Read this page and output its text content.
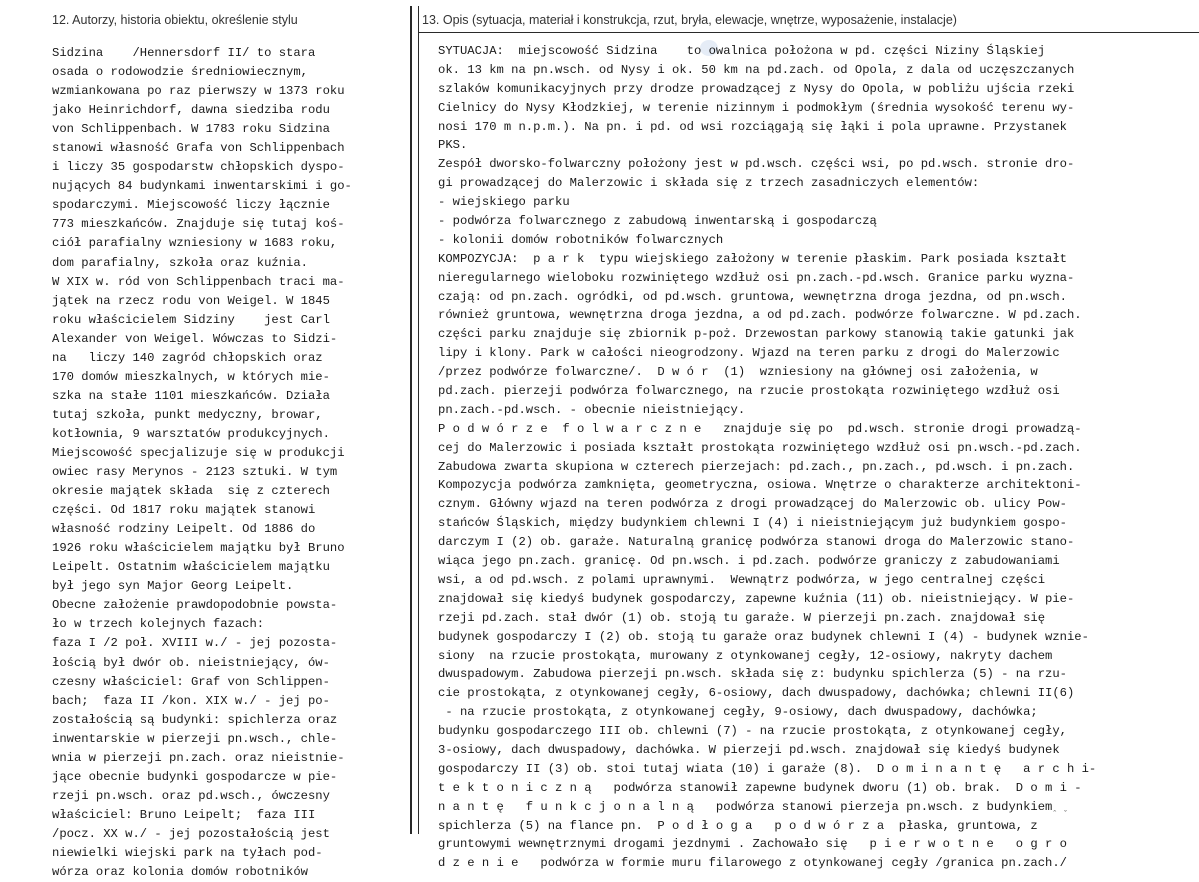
12. Autorzy, historia obiektu, określenie stylu	13. Opis (sytuacja, materiał i konstrukcja, rzut, bryła, elewacje, wnętrze, wyposażenie, instalacje)
Sidzina    /Hennersdorf II/ to stara
osada o rodowodzie średniowiecznym,
wzmiankowana po raz pierwszy w 1373 roku
jako Heinrichdorf, dawna siedziba rodu
von Schlippenbach. W 1783 roku Sidzina
stanowi własność Grafa von Schlippenbach
i liczy 35 gospodarstw chłopskich dyspo-
nujących 84 budynkami inwentarskimi i go-
spodarczymi. Miejscowość liczy łącznie
773 mieszkańców. Znajduje się tutaj koś-
ciół parafialny wzniesiony w 1683 roku,
dom parafialny, szkoła oraz kuźnia.
W XIX w. ród von Schlippenbach traci ma-
jątek na rzecz rodu von Weigel. W 1845
roku właścicielem Sidziny    jest Carl
Alexander von Weigel. Wówczas to Sidzi-
na   liczy 140 zagród chłopskich oraz
170 domów mieszkalnych, w których mie-
szka na stałe 1101 mieszkańców. Działa
tutaj szkoła, punkt medyczny, browar,
kotłownia, 9 warsztatów produkcyjnych.
Miejscowość specjalizuje się w produkcji
owiec rasy Merynos - 2123 sztuki. W tym
okresie majątek składa  się z czterech
części. Od 1817 roku majątek stanowi
własność rodziny Leipelt. Od 1886 do
1926 roku właścicielem majątku był Bruno
Leipelt. Ostatnim właścicielem majątku
był jego syn Major Georg Leipelt.
Obecne założenie prawdopodobnie powsta-
ło w trzech kolejnych fazach:
faza I /2 poł. XVIII w./ - jej pozosta-
łością był dwór ob. nieistniejący, ów-
czesny właściciel: Graf von Schlippen-
bach;  faza II /kon. XIX w./ - jej po-
zostałością są budynki: spichlerza oraz
inwentarskie w pierzeji pn.wsch., chle-
wnia w pierzeji pn.zach. oraz nieistnie-
jące obecnie budynki gospodarcze w pie-
rzeji pn.wsch. oraz pd.wsch., ówczesny
właściciel: Bruno Leipelt;  faza III
/pocz. XX w./ - jej pozostałością jest
niewielki wiejski park na tyłach pod-
wórza oraz kolonia domów robotników
SYTUACJA:  miejscowość Sidzina    to owalnica położona w pd. części Niziny Śląskiej
ok. 13 km na pn.wsch. od Nysy i ok. 50 km na pd.zach. od Opola, z dala od uczęszczanych
szlaków komunikacyjnych przy drodze prowadzącej z Nysy do Opola, w pobliżu ujścia rzeki
Cielnicy do Nysy Kłodzkiej, w terenie nizinnym i podmokłym (średnia wysokość terenu wy-
nosi 170 m n.p.m.). Na pn. i pd. od wsi rozciągają się łąki i pola uprawne. Przystanek
PKS.
Zespół dworsko-folwarczny położony jest w pd.wsch. części wsi, po pd.wsch. stronie dro-
gi prowadzącej do Malerzowic i składa się z trzech zasadniczych elementów:
- wiejskiego parku
- podwórza folwarcznego z zabudową inwentarską i gospodarczą
- kolonii domów robotników folwarcznych
KOMPOZYCJA:  p a r k  typu wiejskiego założony w terenie płaskim. Park posiada kształt
nieregularnego wieloboku rozwiniętego wzdłuż osi pn.zach.-pd.wsch. Granice parku wyzna-
czają: od pn.zach. ogródki, od pd.wsch. gruntowa, wewnętrzna droga jezdna, od pn.wsch.
również gruntowa, wewnętrzna droga jezdna, a od pd.zach. podwórze folwarczne. W pd.zach.
części parku znajduje się zbiornik p-poż. Drzewostan parkowy stanowią takie gatunki jak
lipy i klony. Park w całości nieogrodzony. Wjazd na teren parku z drogi do Malerzowic
/przez podwórze folwarczne/.  D w ó r  (1)  wzniesiony na głównej osi założenia, w
pd.zach. pierzeji podwórza folwarcznego, na rzucie prostokąta rozwiniętego wzdłuż osi
pn.zach.-pd.wsch. - obecnie nieistniejący.
P o d w ó r z e  f o l w a r c z n e   znajduje się po  pd.wsch. stronie drogi prowadzą-
cej do Malerzowic i posiada kształt prostokąta rozwiniętego wzdłuż osi pn.wsch.-pd.zach.
Zabudowa zwarta skupiona w czterech pierzejach: pd.zach., pn.zach., pd.wsch. i pn.zach.
Kompozycja podwórza zamknięta, geometryczna, osiowa. Wnętrze o charakterze architektoni-
cznym. Główny wjazd na teren podwórza z drogi prowadzącej do Malerzowic ob. ulicy Pow-
stańców Śląskich, między budynkiem chlewni I (4) i nieistniejącym już budynkiem gospo-
darczym I (2) ob. garaże. Naturalną granicę podwórza stanowi droga do Malerzowic stano-
wiąca jego pn.zach. granicę. Od pn.wsch. i pd.zach. podwórze graniczy z zabudowaniami
wsi, a od pd.wsch. z polami uprawnymi.  Wewnątrz podwórza, w jego centralnej części
znajdował się kiedyś budynek gospodarczy, zapewne kuźnia (11) ob. nieistniejący. W pie-
rzeji pd.zach. stał dwór (1) ob. stoją tu garaże. W pierzeji pn.zach. znajdował się
budynek gospodarczy I (2) ob. stoją tu garaże oraz budynek chlewni I (4) - budynek wznie-
siony  na rzucie prostokąta, murowany z otynkowanej cegły, 12-osiowy, nakryty dachem
dwuspadowym. Zabudowa pierzeji pn.wsch. składa się z: budynku spichlerza (5) - na rzu-
cie prostokąta, z otynkowanej cegły, 6-osiowy, dach dwuspadowy, dachówka; chlewni II(6)
- na rzucie prostokąta, z otynkowanej cegły, 9-osiowy, dach dwuspadowy, dachówka;
budynku gospodarczego III ob. chlewni (7) - na rzucie prostokąta, z otynkowanej cegły,
3-osiowy, dach dwuspadowy, dachówka. W pierzeji pd.wsch. znajdował się kiedyś budynek
gospodarczy II (3) ob. stoi tutaj wiata (10) i garaże (8).  D o m i n a n t ę   a r c h i-
t e k t o n i c z n ą   podwórza stanowił zapewne budynek dworu (1) ob. brak.  D o m i -
n a n t ę   f u n k c j o n a l n ą   podwórza stanowi pierzeja pn.wsch. z budynkiem
spichlerza (5) na flance pn.  P o d ł o g a   p o d w ó r z a  płaska, gruntowa, z
gruntowymi wewnętrznymi drogami jezdnymi . Zachowało się   p i e r w o t n e   o g r o
d z e n i e   podwórza w formie muru filarowego z otynkowanej cegły /granica pn.zach./
ˆ ˇ
